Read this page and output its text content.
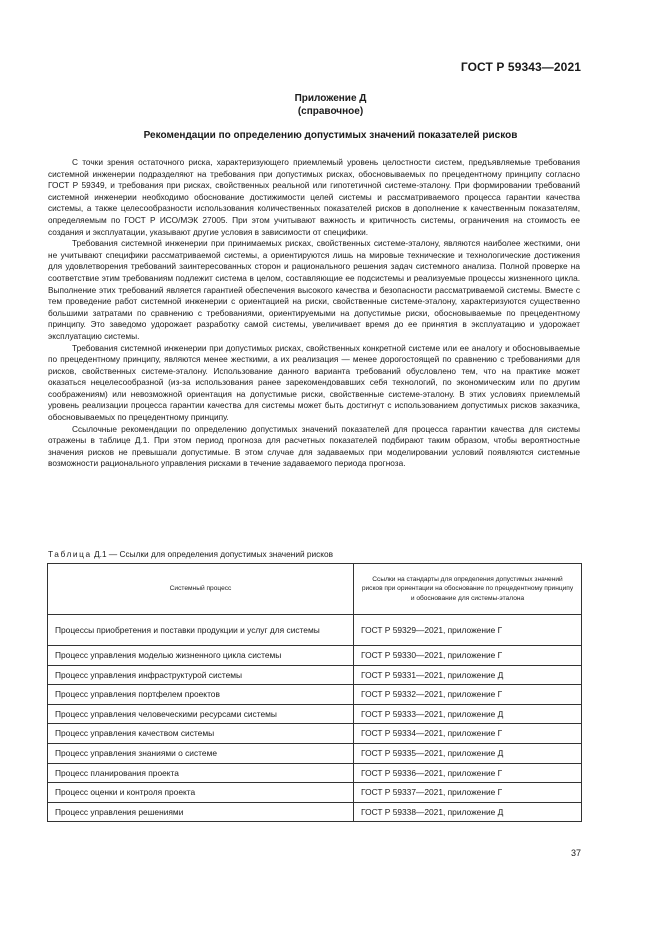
ГОСТ Р 59343—2021
Приложение Д
(справочное)
Рекомендации по определению допустимых значений показателей рисков

С точки зрения остаточного риска, характеризующего приемлемый уровень целостности систем, предъявляемые требования системной инженерии подразделяют на требования при допустимых рисках, обосновываемых по прецедентному принципу согласно ГОСТ Р 59349, и требования при рисках, свойственных реальной или гипотетичной системе-эталону. При формировании требований системной инженерии необходимо обоснование достижимости целей системы и рассматриваемого процесса гарантии качества системы, а также целесообразности использования количественных показателей рисков в дополнение к качественным показателям, определяемым по ГОСТ Р ИСО/МЭК 27005. При этом учитывают важность и критичность системы, ограничения на стоимость ее создания и эксплуатации, указывают другие условия в зависимости от специфики.

Требования системной инженерии при принимаемых рисках, свойственных системе-эталону, являются наиболее жесткими, они не учитывают специфики рассматриваемой системы, а ориентируются лишь на мировые технические и технологические достижения для удовлетворения требований заинтересованных сторон и рационального решения задач системного анализа. Полной проверке на соответствие этим требованиям подлежит система в целом, составляющие ее подсистемы и реализуемые процессы жизненного цикла. Выполнение этих требований является гарантией обеспечения высокого качества и безопасности рассматриваемой системы. Вместе с тем проведение работ системной инженерии с ориентацией на риски, свойственные системе-эталону, характеризуются существенно большими затратами по сравнению с требованиями, ориентируемыми на допустимые риски, обосновываемые по прецедентному принципу. Это заведомо удорожает разработку самой системы, увеличивает время до ее принятия в эксплуатацию и удорожает эксплуатацию системы.

Требования системной инженерии при допустимых рисках, свойственных конкретной системе или ее аналогу и обосновываемые по прецедентному принципу, являются менее жесткими, а их реализация — менее дорогостоящей по сравнению с требованиями для рисков, свойственных системе-эталону. Использование данного варианта требований обусловлено тем, что на практике может оказаться нецелесообразной (из-за использования ранее зарекомендовавших себя технологий, по экономическим или по другим соображениям) или невозможной ориентация на допустимые риски, свойственные системе-эталону. В этих условиях приемлемый уровень реализации процесса гарантии качества для системы может быть достигнут с использованием допустимых рисков заказчика, обосновываемых по прецедентному принципу.

Ссылочные рекомендации по определению допустимых значений показателей для процесса гарантии качества для системы отражены в таблице Д.1. При этом период прогноза для расчетных показателей подбирают таким образом, чтобы вероятностные значения рисков не превышали допустимые. В этом случае для задаваемых при моделировании условий появляются системные возможности рационального управления рисками в течение задаваемого периода прогноза.

Таблица Д.1 — Ссылки для определения допустимых значений рисков
Системный процесс	Ссылки на стандарты для определения допустимых значений рисков при ориентации на обоснование по прецедентному принципу и обоснование для системы-эталона
Процессы приобретения и поставки продукции и услуг для системы	ГОСТ Р 59329—2021, приложение Г
Процесс управления моделью жизненного цикла системы	ГОСТ Р 59330—2021, приложение Г
Процесс управления инфраструктурой системы	ГОСТ Р 59331—2021, приложение Д
Процесс управления портфелем проектов	ГОСТ Р 59332—2021, приложение Г
Процесс управления человеческими ресурсами системы	ГОСТ Р 59333—2021, приложение Д
Процесс управления качеством системы	ГОСТ Р 59334—2021, приложение Г
Процесс управления знаниями о системе	ГОСТ Р 59335—2021, приложение Д
Процесс планирования проекта	ГОСТ Р 59336—2021, приложение Г
Процесс оценки и контроля проекта	ГОСТ Р 59337—2021, приложение Г
Процесс управления решениями	ГОСТ Р 59338—2021, приложение Д
37
